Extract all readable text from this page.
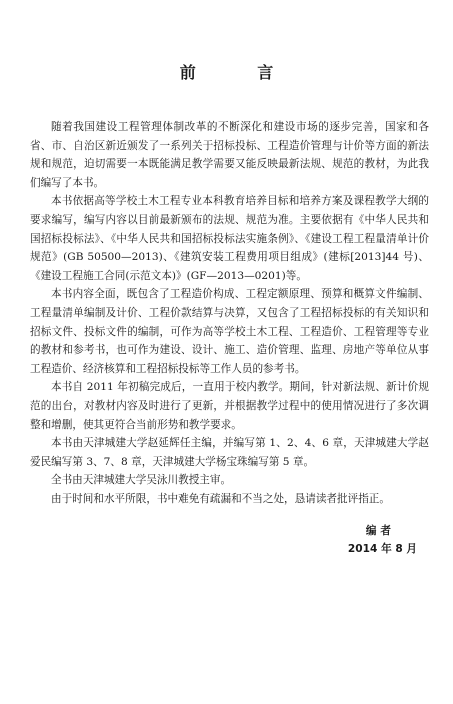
前 言

随着我国建设工程管理体制改革的不断深化和建设市场的逐步完善，国家和各省、市、自治区新近颁发了一系列关于招标投标、工程造价管理与计价等方面的新法规和规范，迫切需要一本既能满足教学需要又能反映最新法规、规范的教材，为此我们编写了本书。

本书依据高等学校土木工程专业本科教育培养目标和培养方案及课程教学大纲的要求编写，编写内容以目前最新颁布的法规、规范为准。主要依据有《中华人民共和国招标投标法》、《中华人民共和国招标投标法实施条例》、《建设工程工程量清单计价规范》(GB 50500—2013)、《建筑安装工程费用项目组成》(建标[2013]44 号)、《建设工程施工合同(示范文本)》(GF—2013—0201)等。

本书内容全面，既包含了工程造价构成、工程定额原理、预算和概算文件编制、工程量清单编制及计价、工程价款结算与决算，又包含了工程招标投标的有关知识和招标文件、投标文件的编制，可作为高等学校土木工程、工程造价、工程管理等专业的教材和参考书，也可作为建设、设计、施工、造价管理、监理、房地产等单位从事工程造价、经济核算和工程招标投标等工作人员的参考书。

本书自 2011 年初稿完成后，一直用于校内教学。期间，针对新法规、新计价规范的出台，对教材内容及时进行了更新，并根据教学过程中的使用情况进行了多次调整和增删，使其更符合当前形势和教学要求。

本书由天津城建大学赵延辉任主编，并编写第 1、2、4、6 章，天津城建大学赵爱民编写第 3、7、8 章，天津城建大学杨宝珠编写第 5 章。

全书由天津城建大学吴泳川教授主审。

由于时间和水平所限，书中难免有疏漏和不当之处，恳请读者批评指正。

编者
2014 年 8 月
